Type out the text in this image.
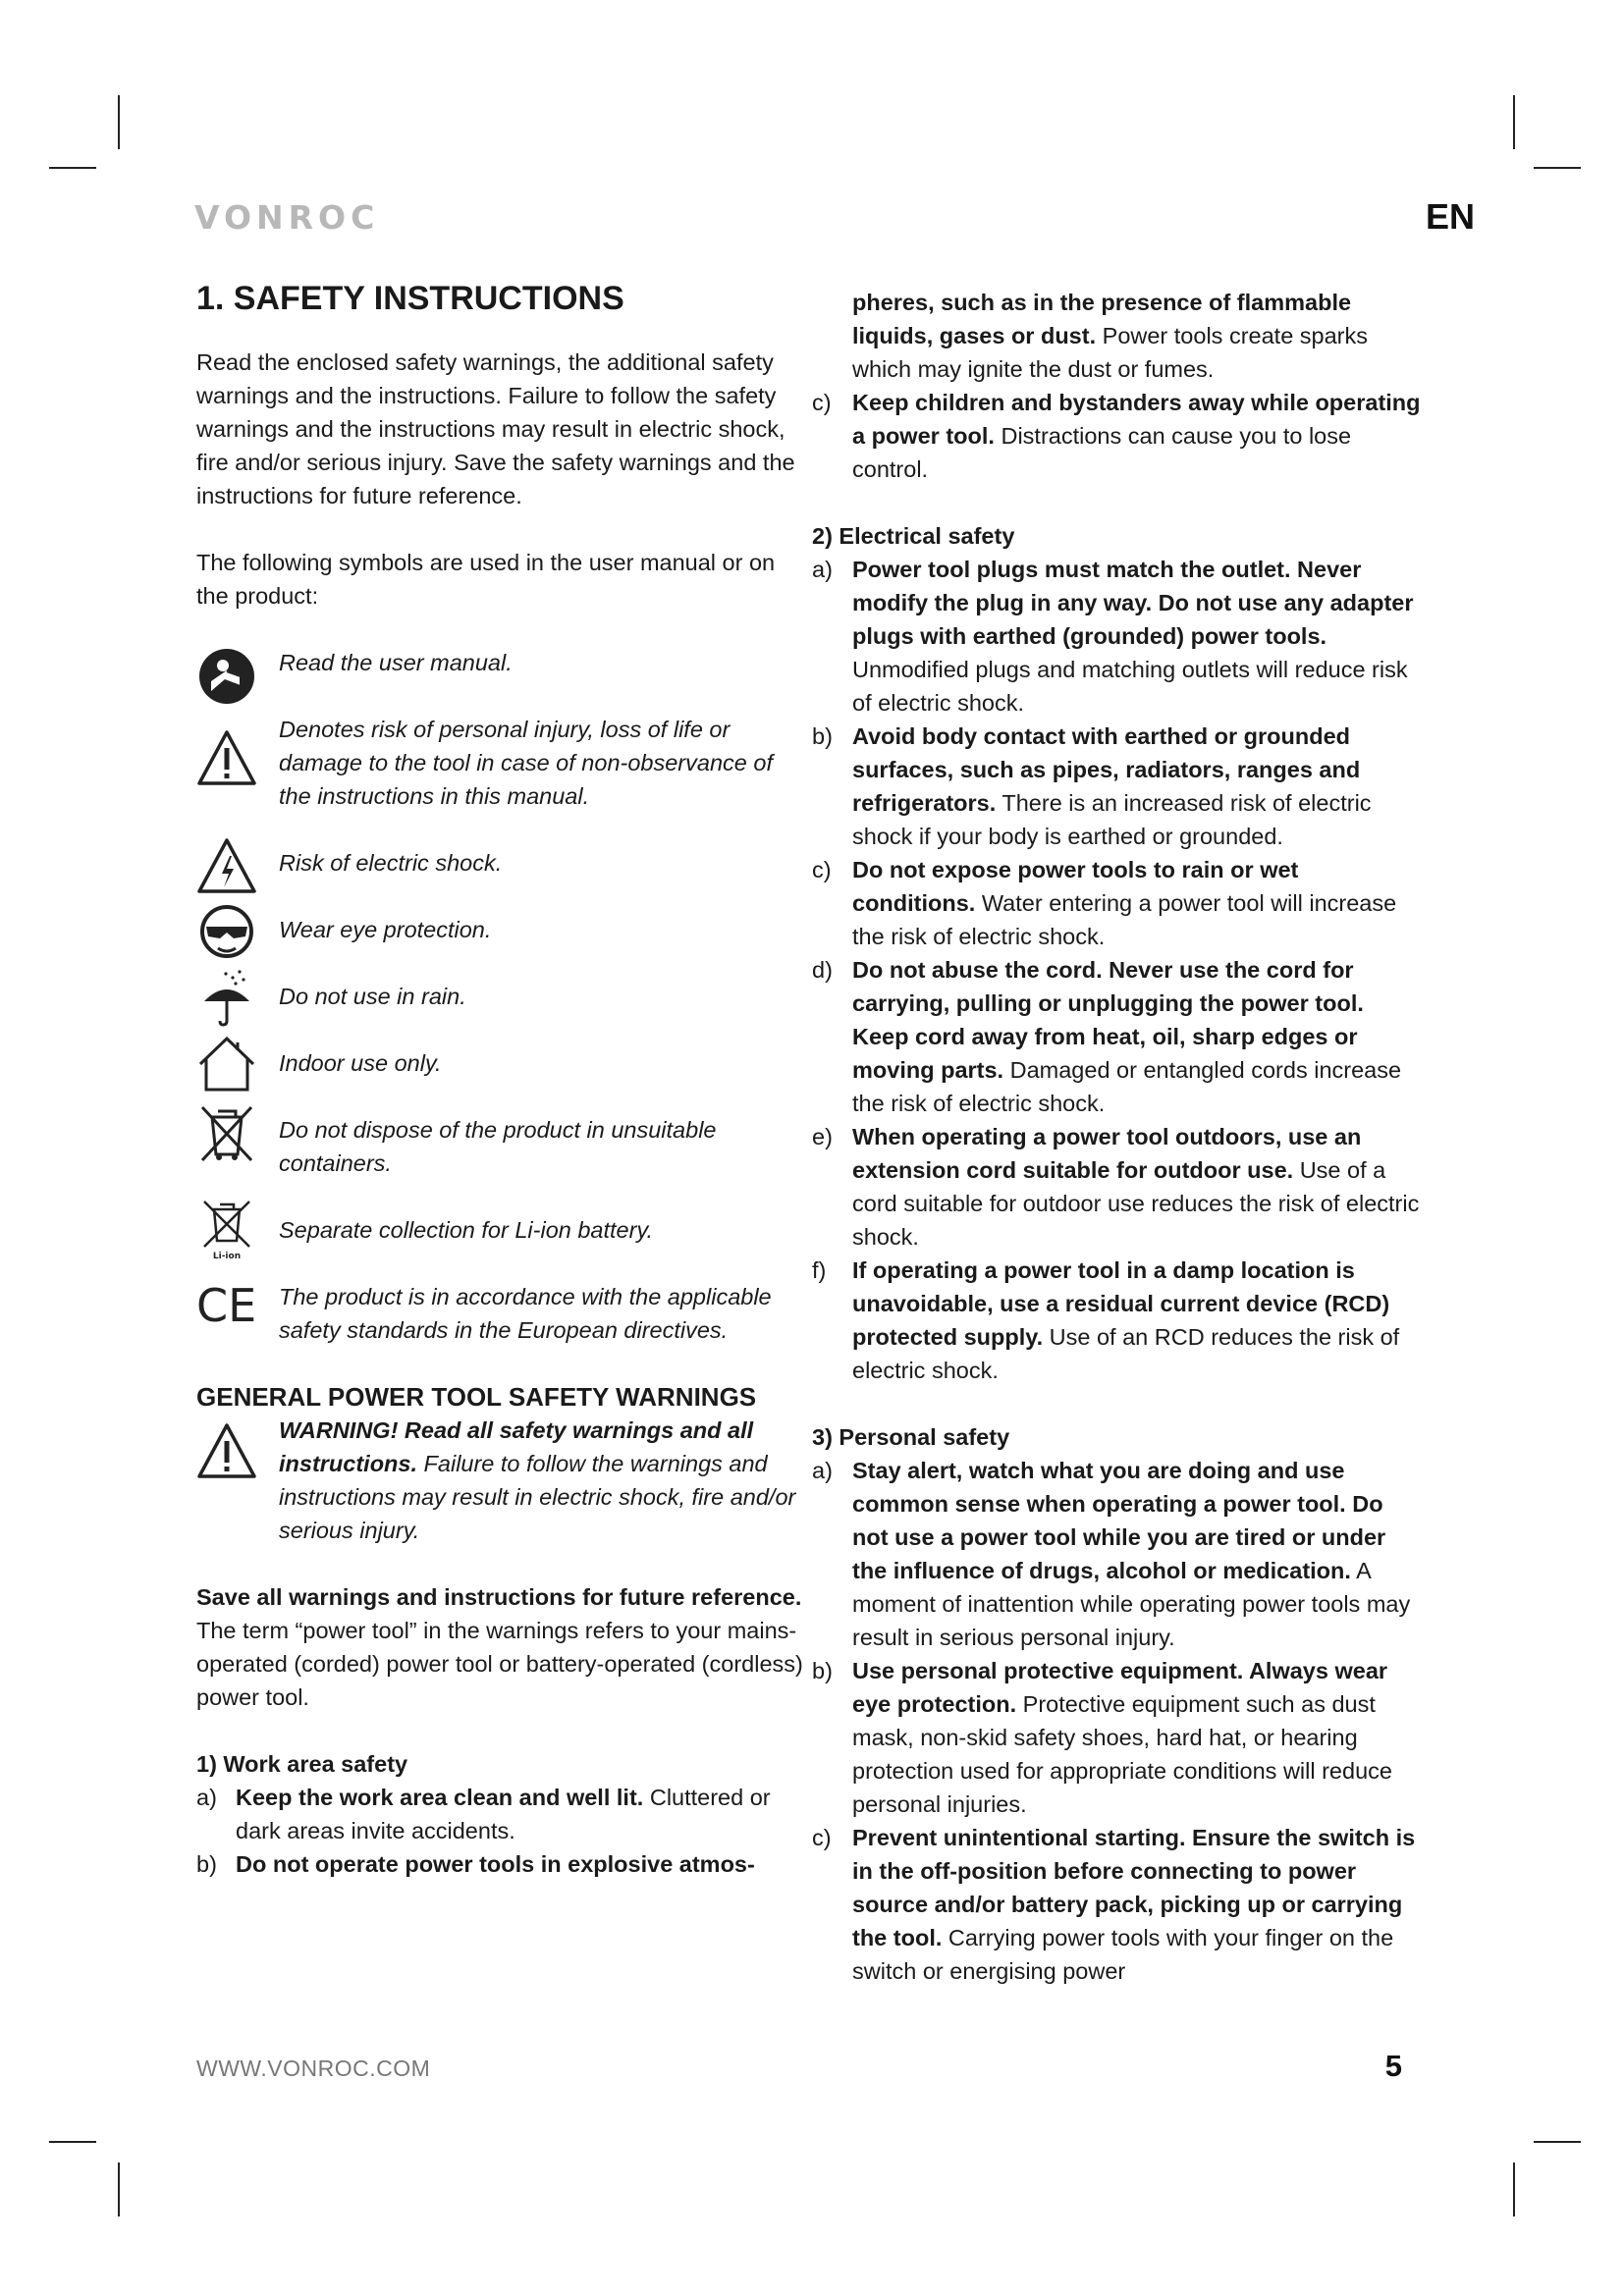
VONROC	EN
1. SAFETY INSTRUCTIONS

Read the enclosed safety warnings, the additional safety warnings and the instructions. Failure to follow the safety warnings and the instructions may result in electric shock, fire and/or serious injury. Save the safety warnings and the instructions for future reference.

The following symbols are used in the user manual or on the product:

Read the user manual.

Denotes risk of personal injury, loss of life or damage to the tool in case of non-observance of the instructions in this manual.

Risk of electric shock.

Wear eye protection.

Do not use in rain.

Indoor use only.

Do not dispose of the product in unsuitable containers.

Li-ion

Separate collection for Li-ion battery.

CE The product is in accordance with the applicable safety standards in the European directives.

GENERAL POWER TOOL SAFETY WARNINGS

WARNING! Read all safety warnings and all instructions. Failure to follow the warnings and instructions may result in electric shock, fire and/or serious injury.

Save all warnings and instructions for future reference.

The term “power tool” in the warnings refers to your mains-operated (corded) power tool or battery-operated (cordless) power tool.

1) Work area safety

a) Keep the work area clean and well lit. Cluttered or dark areas invite accidents.

b) Do not operate power tools in explosive atmos-

pheres, such as in the presence of flammable liquids, gases or dust. Power tools create sparks which may ignite the dust or fumes.

c) Keep children and bystanders away while operating a power tool. Distractions can cause you to lose control.

2) Electrical safety

a) Power tool plugs must match the outlet. Never modify the plug in any way. Do not use any adapter plugs with earthed (grounded) power tools. Unmodified plugs and matching outlets will reduce risk of electric shock.

b) Avoid body contact with earthed or grounded surfaces, such as pipes, radiators, ranges and refrigerators. There is an increased risk of electric shock if your body is earthed or grounded.

c) Do not expose power tools to rain or wet conditions. Water entering a power tool will increase the risk of electric shock.

d) Do not abuse the cord. Never use the cord for carrying, pulling or unplugging the power tool. Keep cord away from heat, oil, sharp edges or moving parts. Damaged or entangled cords increase the risk of electric shock.

e) When operating a power tool outdoors, use an extension cord suitable for outdoor use. Use of a cord suitable for outdoor use reduces the risk of electric shock.

f) If operating a power tool in a damp location is unavoidable, use a residual current device (RCD) protected supply. Use of an RCD reduces the risk of electric shock.

3) Personal safety

a) Stay alert, watch what you are doing and use common sense when operating a power tool. Do not use a power tool while you are tired or under the influence of drugs, alcohol or medication. A moment of inattention while operating power tools may result in serious personal injury.

b) Use personal protective equipment. Always wear eye protection. Protective equipment such as dust mask, non-skid safety shoes, hard hat, or hearing protection used for appropriate conditions will reduce personal injuries.

c) Prevent unintentional starting. Ensure the switch is in the off-position before connecting to power source and/or battery pack, picking up or carrying the tool. Carrying power tools with your finger on the switch or energising power

WWW.VONROC.COM	5
